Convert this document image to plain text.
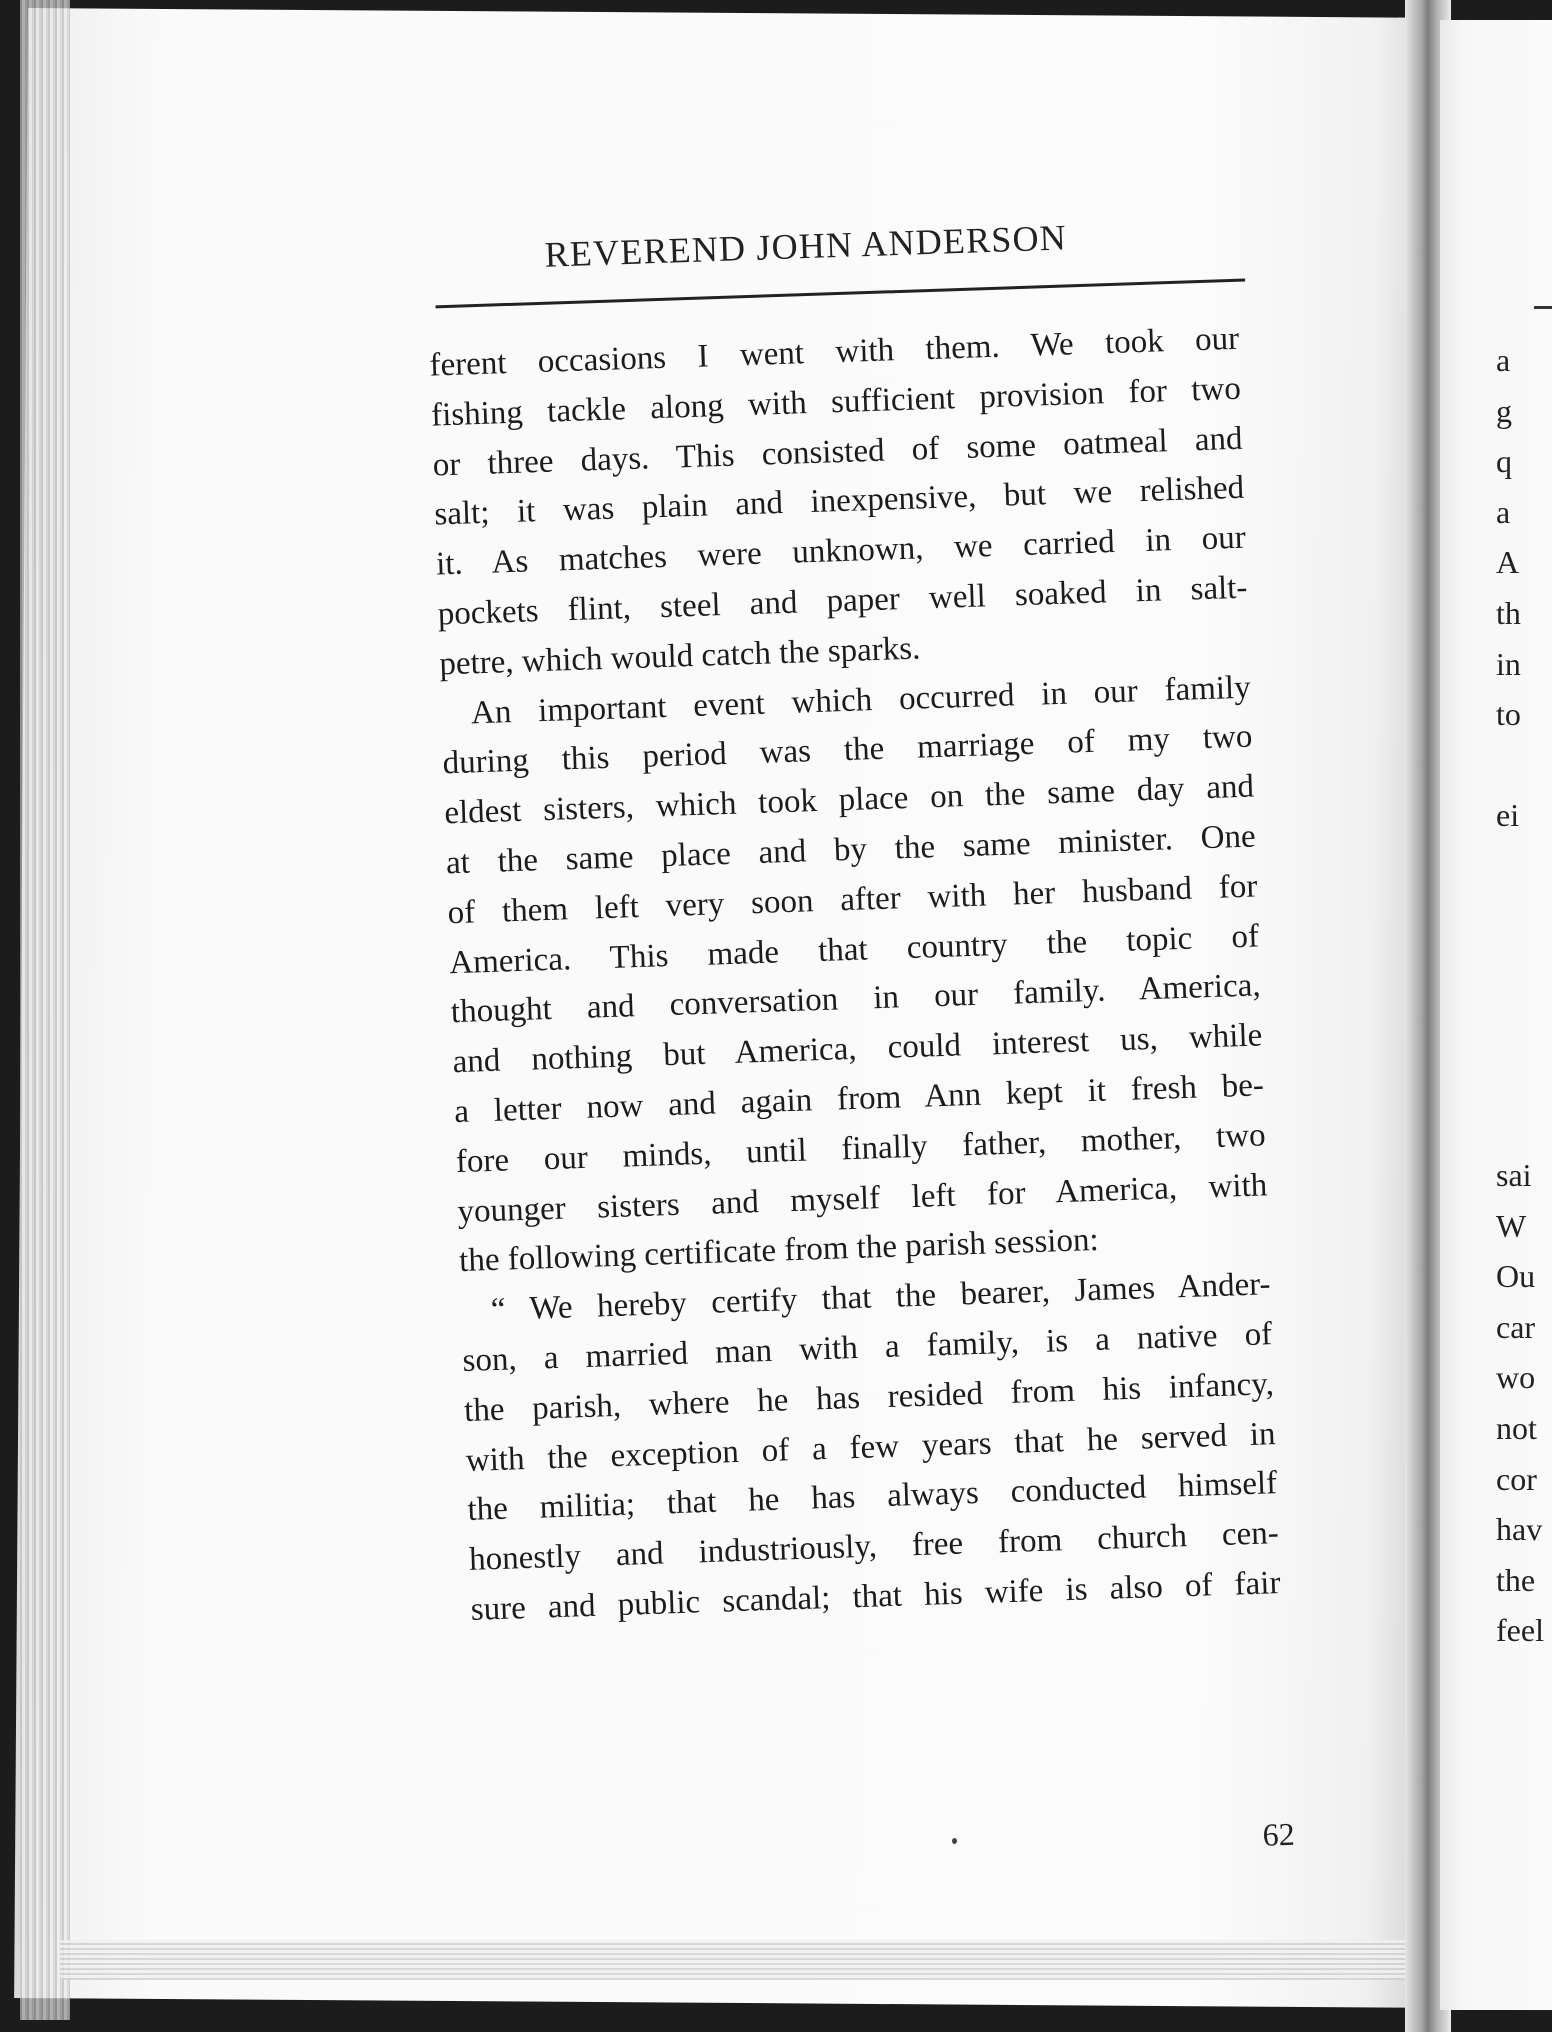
a
g
q
a
A
th
in
to
ei
sai
W
Ou
car
wo
not
cor
hav
the
feel
REVEREND JOHN ANDERSON

ferent occasions I went with them. We took our
fishing tackle along with sufficient provision for two
or three days. This consisted of some oatmeal and
salt; it was plain and inexpensive, but we relished
it. As matches were unknown, we carried in our
pockets flint, steel and paper well soaked in salt-
petre, which would catch the sparks.

An important event which occurred in our family
during this period was the marriage of my two
eldest sisters, which took place on the same day and
at the same place and by the same minister. One
of them left very soon after with her husband for
America. This made that country the topic of
thought and conversation in our family. America,
and nothing but America, could interest us, while
a letter now and again from Ann kept it fresh be-
fore our minds, until finally father, mother, two
younger sisters and myself left for America, with
the following certificate from the parish session:

“ We hereby certify that the bearer, James Ander-
son, a married man with a family, is a native of
the parish, where he has resided from his infancy,
with the exception of a few years that he served in
the militia; that he has always conducted himself
honestly and industriously, free from church cen-
sure and public scandal; that his wife is also of fair

62
